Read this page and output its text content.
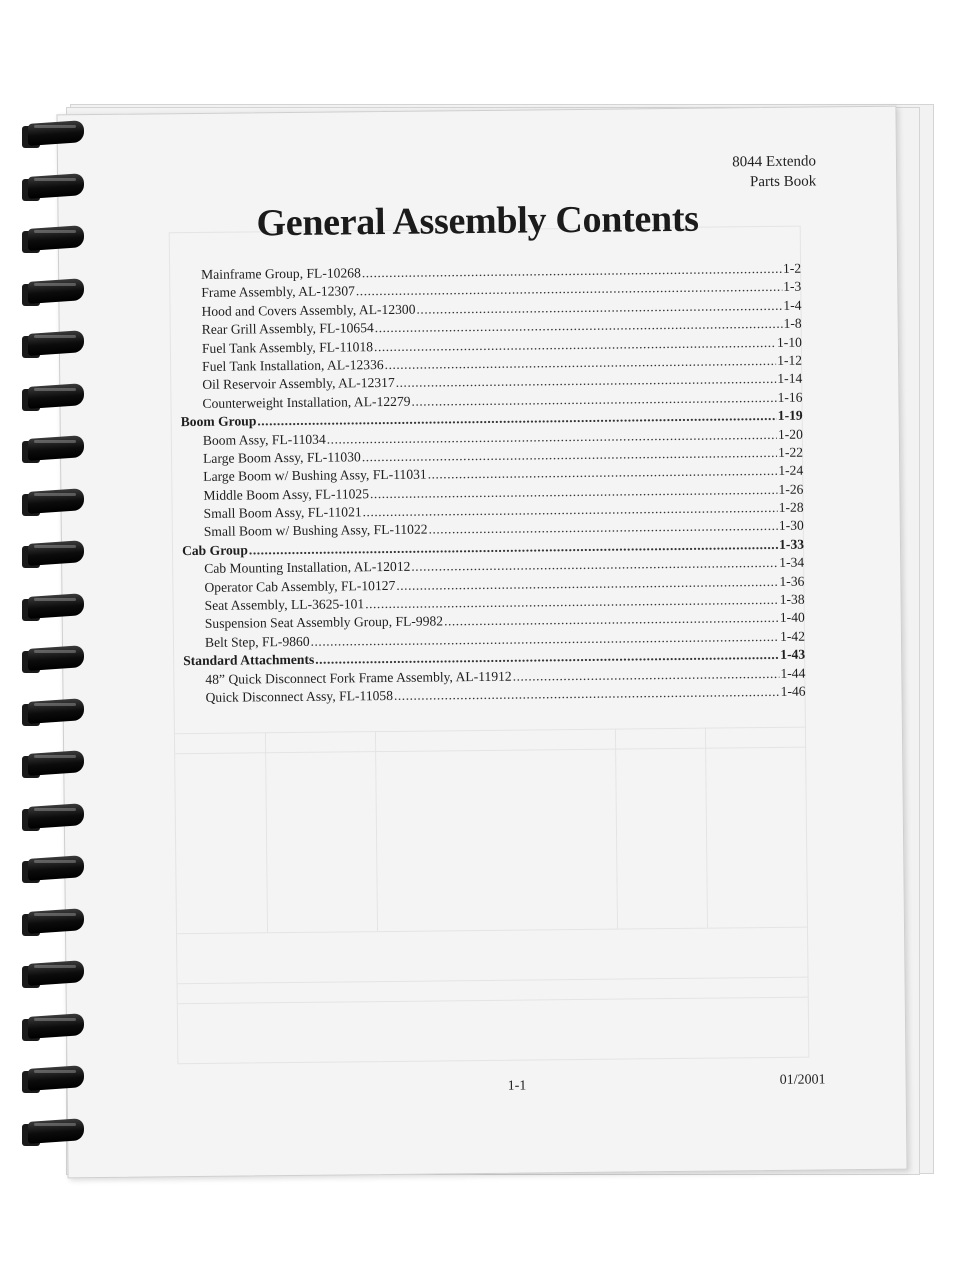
8044 Extendo
Parts Book
General Assembly Contents
Mainframe Group, FL-10268 .....	1-2
Frame Assembly, AL-12307 .....	1-3
Hood and Covers Assembly, AL-12300 .....	1-4
Rear Grill Assembly, FL-10654 .....	1-8
Fuel Tank Assembly, FL-11018 .....	1-10
Fuel Tank Installation, AL-12336 .....	1-12
Oil Reservoir Assembly, AL-12317 .....	1-14
Counterweight Installation, AL-12279 .....	1-16
Boom Group .....	1-19
Boom Assy, FL-11034 .....	1-20
Large Boom Assy, FL-11030 .....	1-22
Large Boom w/ Bushing Assy, FL-11031 .....	1-24
Middle Boom Assy, FL-11025 .....	1-26
Small Boom Assy, FL-11021 .....	1-28
Small Boom w/ Bushing Assy, FL-11022 .....	1-30
Cab Group .....	1-33
Cab Mounting Installation, AL-12012 .....	1-34
Operator Cab Assembly, FL-10127 .....	1-36
Seat Assembly, LL-3625-101 .....	1-38
Suspension Seat Assembly Group, FL-9982 .....	1-40
Belt Step, FL-9860 .....	1-42
Standard Attachments .....	1-43
48” Quick Disconnect Fork Frame Assembly, AL-11912 .....	1-44
Quick Disconnect Assy, FL-11058 .....	1-46
1-1	01/2001
